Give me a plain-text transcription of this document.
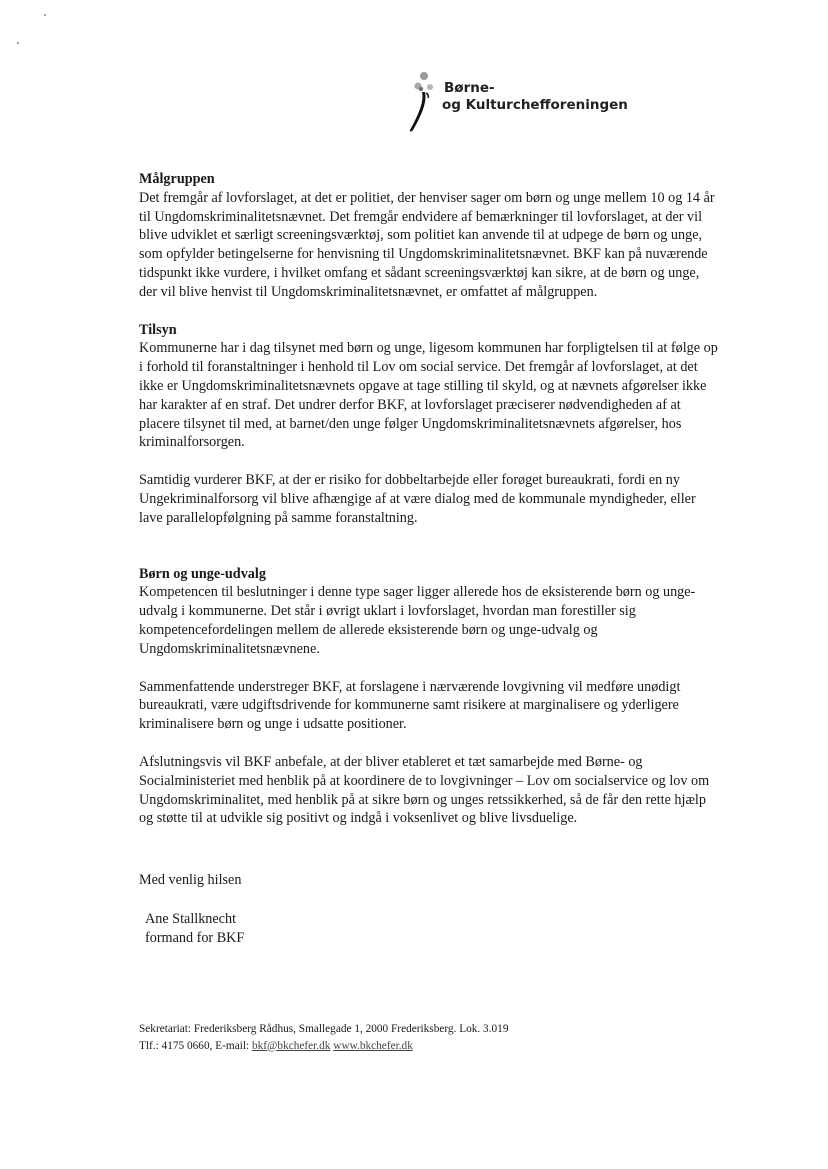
Børne-
og Kulturchefforeningen
Målgruppen

Det fremgår af lovforslaget, at det er politiet, der henviser sager om børn og unge mellem 10 og 14 år til Ungdomskriminalitetsnævnet. Det fremgår endvidere af bemærkninger til lovforslaget, at der vil blive udviklet et særligt screeningsværktøj, som politiet kan anvende til at udpege de børn og unge, som opfylder betingelserne for henvisning til Ungdomskriminalitetsnævnet. BKF kan på nuværende tidspunkt ikke vurdere, i hvilket omfang et sådant screeningsværktøj kan sikre, at de børn og unge, der vil blive henvist til Ungdomskriminalitetsnævnet, er omfattet af målgruppen.

Tilsyn

Kommunerne har i dag tilsynet med børn og unge, ligesom kommunen har forpligtelsen til at følge op i forhold til foranstaltninger i henhold til Lov om social service. Det fremgår af lovforslaget, at det ikke er Ungdomskriminalitetsnævnets opgave at tage stilling til skyld, og at nævnets afgørelser ikke har karakter af en straf. Det undrer derfor BKF, at lovforslaget præciserer nødvendigheden af at placere tilsynet til med, at barnet/den unge følger Ungdomskriminalitetsnævnets afgørelser, hos kriminalforsorgen.

Samtidig vurderer BKF, at der er risiko for dobbeltarbejde eller forøget bureaukrati, fordi en ny Ungekriminalforsorg vil blive afhængige af at være dialog med de kommunale myndigheder, eller lave parallelopfølgning på samme foranstaltning.

Børn og unge-udvalg

Kompetencen til beslutninger i denne type sager ligger allerede hos de eksisterende børn og unge-udvalg i kommunerne. Det står i øvrigt uklart i lovforslaget, hvordan man forestiller sig kompetencefordelingen mellem de allerede eksisterende børn og unge-udvalg og Ungdomskriminalitetsnævnene.

Sammenfattende understreger BKF, at forslagene i nærværende lovgivning vil medføre unødigt bureaukrati, være udgiftsdrivende for kommunerne samt risikere at marginalisere og yderligere kriminalisere børn og unge i udsatte positioner.

Afslutningsvis vil BKF anbefale, at der bliver etableret et tæt samarbejde med Børne- og Socialministeriet med henblik på at koordinere de to lovgivninger – Lov om socialservice og lov om Ungdomskriminalitet, med henblik på at sikre børn og unges retssikkerhed, så de får den rette hjælp og støtte til at udvikle sig positivt og indgå i voksenlivet og blive livsduelige.

Med venlig hilsen
Ane Stallknecht
formand for BKF
Sekretariat: Frederiksberg Rådhus, Smallegade 1, 2000 Frederiksberg. Lok. 3.019
Tlf.: 4175 0660, E-mail: bkf@bkchefer.dk www.bkchefer.dk
